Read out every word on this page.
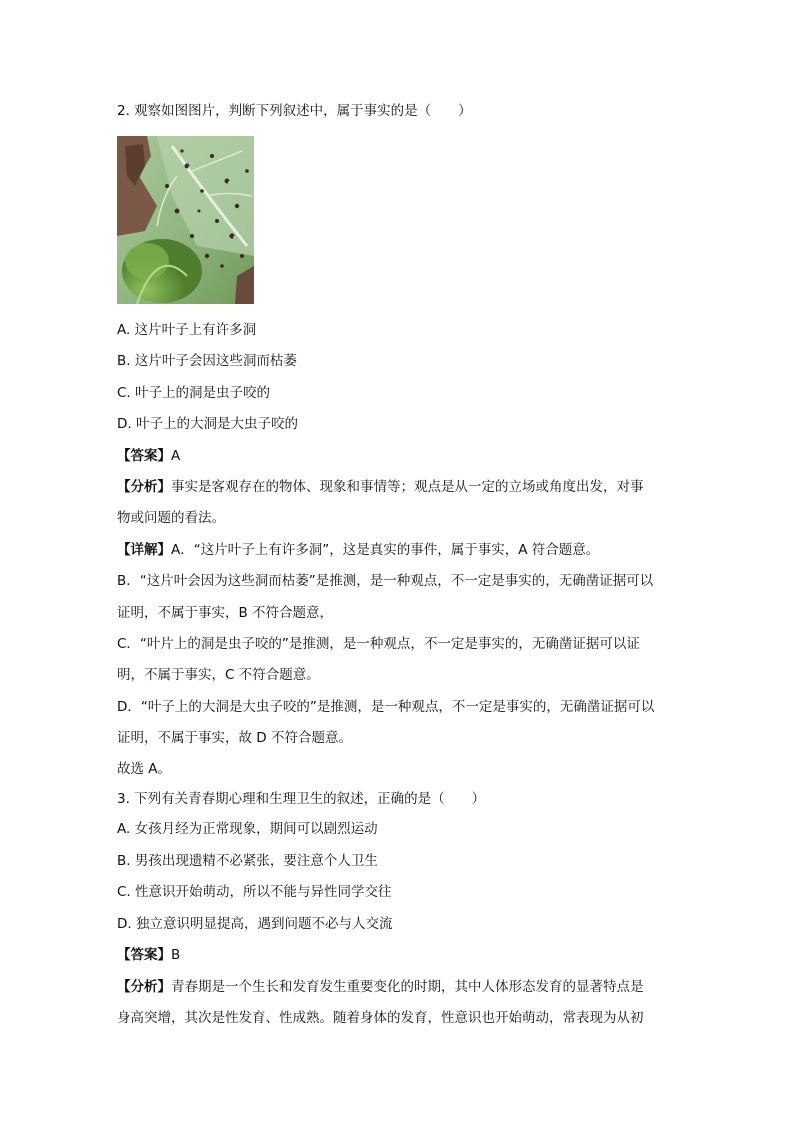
2. 观察如图图片，判断下列叙述中，属于事实的是（　　）
A. 这片叶子上有许多洞
B. 这片叶子会因这些洞而枯萎
C. 叶子上的洞是虫子咬的
D. 叶子上的大洞是大虫子咬的
【答案】A
【分析】事实是客观存在的物体、现象和事情等；观点是从一定的立场或角度出发，对事
物或问题的看法。
【详解】A．“这片叶子上有许多洞”，这是真实的事件，属于事实，A 符合题意。
B．“这片叶会因为这些洞而枯萎”是推测，是一种观点，不一定是事实的，无确凿证据可以
证明，不属于事实，B 不符合题意，
C．“叶片上的洞是虫子咬的”是推测，是一种观点，不一定是事实的，无确凿证据可以证
明，不属于事实，C 不符合题意。
D．“叶子上的大洞是大虫子咬的”是推测，是一种观点，不一定是事实的，无确凿证据可以
证明，不属于事实，故 D 不符合题意。
故选 A。
3. 下列有关青春期心理和生理卫生的叙述，正确的是（　　）
A. 女孩月经为正常现象，期间可以剧烈运动
B. 男孩出现遗精不必紧张，要注意个人卫生
C. 性意识开始萌动，所以不能与异性同学交往
D. 独立意识明显提高，遇到问题不必与人交流
【答案】B
【分析】青春期是一个生长和发育发生重要变化的时期，其中人体形态发育的显著特点是
身高突增，其次是性发育、性成熟。随着身体的发育，性意识也开始萌动，常表现为从初
